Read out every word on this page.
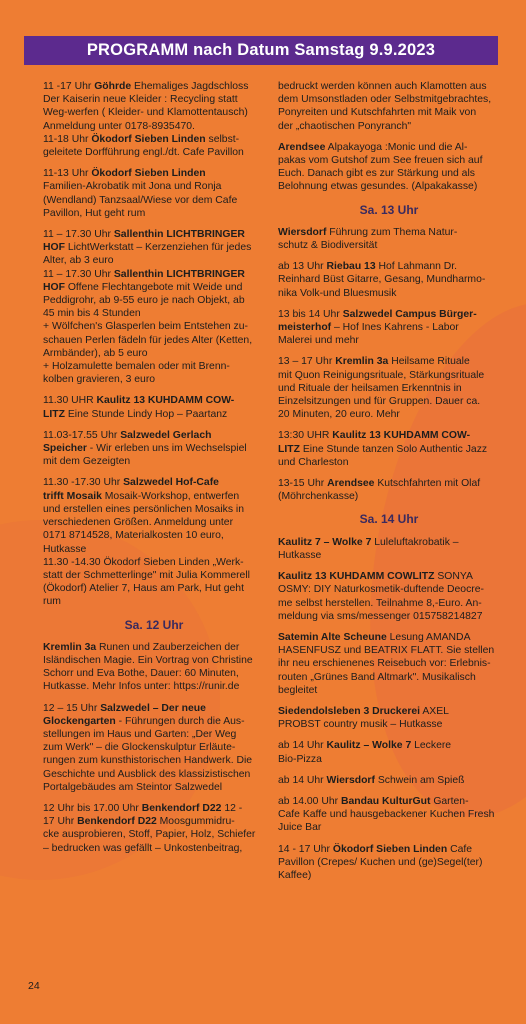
PROGRAMM nach Datum Samstag 9.9.2023
11 -17 Uhr Göhrde Ehemaliges Jagdschloss
Der Kaiserin neue Kleider : Recycling statt
Weg-werfen ( Kleider- und Klamottentausch)
Anmeldung unter 0178-8935470.
11-18 Uhr Ökodorf Sieben Linden selbst-
geleitete Dorfführung engl./dt. Cafe Pavillon
11-13 Uhr Ökodorf Sieben Linden
Familien-Akrobatik mit Jona und Ronja
(Wendland) Tanzsaal/Wiese vor dem Cafe
Pavillon, Hut geht rum
11 – 17.30 Uhr Sallenthin LICHTBRINGER
HOF LichtWerkstatt – Kerzenziehen für jedes
Alter, ab 3 euro
11 – 17.30 Uhr Sallenthin LICHTBRINGER
HOF Offene Flechtangebote mit Weide und
Peddigrohr, ab 9-55 euro je nach Objekt, ab
45 min bis 4 Stunden
+ Wölfchen's Glasperlen beim Entstehen zu-
schauen Perlen fädeln für jedes Alter (Ketten,
Armbänder), ab 5 euro
+ Holzamulette bemalen oder mit Brenn-
kolben gravieren, 3 euro
11.30 UHR Kaulitz 13 KUHDAMM COW-
LITZ Eine Stunde Lindy Hop – Paartanz
11.03-17.55 Uhr Salzwedel Gerlach
Speicher - Wir erleben uns im Wechselspiel
mit dem Gezeigten
11.30 -17.30 Uhr Salzwedel Hof-Cafe
trifft Mosaik Mosaik-Workshop, entwerfen
und erstellen eines persönlichen Mosaiks in
verschiedenen Größen. Anmeldung unter
0171 8714528, Materialkosten 10 euro,
Hutkasse
11.30 -14.30 Ökodorf Sieben Linden „Werk-
statt der Schmetterlinge" mit Julia Kommerell
(Ökodorf) Atelier 7, Haus am Park, Hut geht
rum
Sa. 12 Uhr
Kremlin 3a Runen und Zauberzeichen der
Isländischen Magie. Ein Vortrag von Christine
Schorr und Eva Bothe, Dauer: 60 Minuten,
Hutkasse. Mehr Infos unter: https://runir.de
12 – 15 Uhr Salzwedel – Der neue
Glockengarten - Führungen durch die Aus-
stellungen im Haus und Garten: „Der Weg
zum Werk" – die Glockenskulptur Erläute-
rungen zum kunsthistorischen Handwerk. Die
Geschichte und Ausblick des klassizistischen
Portalgebäudes am Steintor Salzwedel
12 Uhr bis 17.00 Uhr Benkendorf D22 12 -
17 Uhr Benkendorf D22 Moosgummidru-
cke ausprobieren, Stoff, Papier, Holz, Schiefer
– bedrucken was gefällt – Unkostenbeitrag,
bedruckt werden können auch Klamotten aus
dem Umsonstladen oder Selbstmitgebrachtes,
Ponyreiten und Kutschfahrten mit Maik von
der „chaotischen Ponyranch"
Arendsee Alpakayoga :Monic und die Al-
pakas vom Gutshof zum See freuen sich auf
Euch. Danach gibt es zur Stärkung und als
Belohnung etwas gesundes. (Alpakakasse)
Sa. 13 Uhr
Wiersdorf Führung zum Thema Natur-
schutz & Biodiversität
ab 13 Uhr Riebau 13 Hof Lahmann Dr.
Reinhard Büst Gitarre, Gesang, Mundharmo-
nika Volk-und Bluesmusik
13 bis 14 Uhr Salzwedel Campus Bürger-
meisterhof – Hof Ines Kahrens - Labor
Malerei und mehr
13 – 17 Uhr Kremlin 3a Heilsame Rituale
mit Quon Reinigungsrituale, Stärkungsrituale
und Rituale der heilsamen Erkenntnis in
Einzelsitzungen und für Gruppen. Dauer ca.
20 Minuten, 20 euro. Mehr
13:30 UHR Kaulitz 13 KUHDAMM COW-
LITZ Eine Stunde tanzen Solo Authentic Jazz
und Charleston
13-15 Uhr Arendsee Kutschfahrten mit Olaf
(Möhrchenkasse)
Sa. 14 Uhr
Kaulitz 7 – Wolke 7 Luleluftakrobatik –
Hutkasse
Kaulitz 13 KUHDAMM COWLITZ SONYA
OSMY: DIY Naturkosmetik-duftende Deocre-
me selbst herstellen. Teilnahme 8,-Euro. An-
meldung via sms/messenger 015758214827
Satemin Alte Scheune Lesung AMANDA
HASENFUSZ und BEATRIX FLATT. Sie stellen
ihr neu erschienenes Reisebuch vor: Erlebnis-
routen „Grünes Band Altmark". Musikalisch
begleitet
Siedendolsleben 3 Druckerei AXEL
PROBST country musik – Hutkasse
ab 14 Uhr Kaulitz – Wolke 7 Leckere
Bio-Pizza
ab 14 Uhr Wiersdorf Schwein am Spieß
ab 14.00 Uhr Bandau KulturGut Garten-
Cafe Kaffe und hausgebackener Kuchen Fresh
Juice Bar
14 - 17 Uhr Ökodorf Sieben Linden Cafe
Pavillon (Crepes/ Kuchen und (ge)Segel(ter)
Kaffee)
24
